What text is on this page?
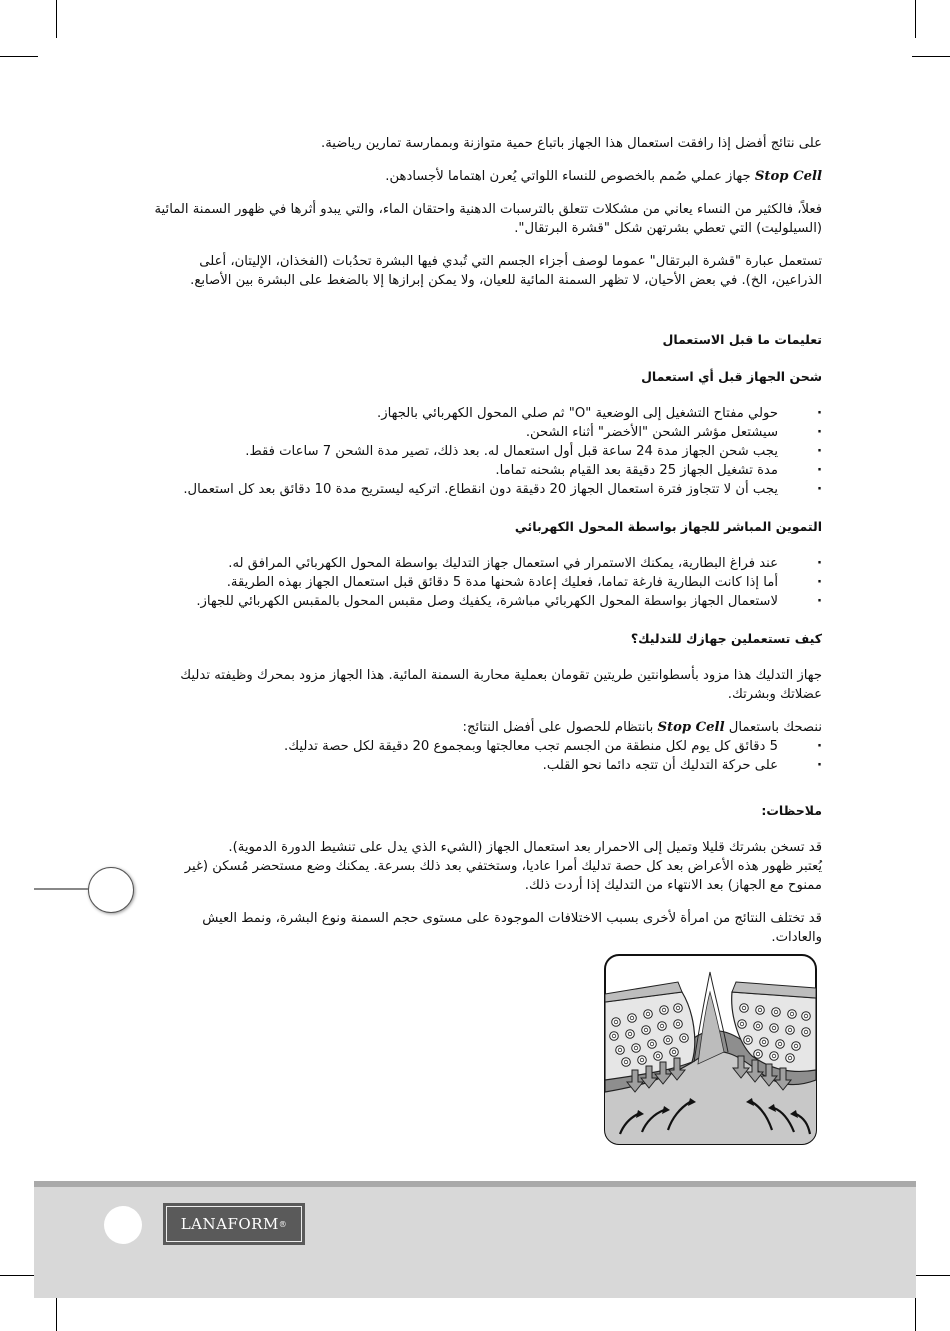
على نتائج أفضل إذا رافقت استعمال هذا الجهاز باتباع حمية متوازنة وبممارسة تمارين رياضية.

Stop Cell جهاز عملي صُمم بالخصوص للنساء اللواتي يُعرن اهتماما لأجسادهن.

فعلاً، فالكثير من النساء يعاني من مشكلات تتعلق بالترسبات الدهنية واحتقان الماء، والتي يبدو أثرها في ظهور السمنة المائية (السيلوليت) التي تعطي بشرتهن شكل "قشرة البرتقال".

تستعمل عبارة "قشرة البرتقال" عموما لوصف أجزاء الجسم التي تُبدي فيها البشرة تحدُبات (الفخذان، الإليتان، أعلى الذراعين، الخ). في بعض الأحيان، لا تظهر السمنة المائية للعيان، ولا يمكن إبرازها إلا بالضغط على البشرة بين الأصابع.

تعليمات ما قبل الاستعمال

شحن الجهاز قبل أي استعمال

· حولي مفتاح التشغيل إلى الوضعية "O" ثم صلي المحول الكهربائي بالجهاز.
· سيشتعل مؤشر الشحن "الأخضر" أثناء الشحن.
· يجب شحن الجهاز مدة 24 ساعة قبل أول استعمال له. بعد ذلك، تصير مدة الشحن 7 ساعات فقط.
· مدة تشغيل الجهاز 25 دقيقة بعد القيام بشحنه تماما.
· يجب أن لا تتجاوز فترة استعمال الجهاز 20 دقيقة دون انقطاع. اتركيه ليستريح مدة 10 دقائق بعد كل استعمال.

التموين المباشر للجهاز بواسطة المحول الكهربائي

· عند فراغ البطارية، يمكنك الاستمرار في استعمال جهاز التدليك بواسطة المحول الكهربائي المرافق له.
· أما إذا كانت البطارية فارغة تماما، فعليك إعادة شحنها مدة 5 دقائق قبل استعمال الجهاز بهذه الطريقة.
· لاستعمال الجهاز بواسطة المحول الكهربائي مباشرة، يكفيك وصل مقبس المحول بالمقبس الكهربائي للجهاز.

كيف تستعملين جهازك للتدليك؟

جهاز التدليك هذا مزود بأسطوانتين طريتين تقومان بعملية محاربة السمنة المائية. هذا الجهاز مزود بمحرك وظيفته تدليك عضلاتك وبشرتك.

ننصحك باستعمال Stop Cell بانتظام للحصول على أفضل النتائج:

· 5 دقائق كل يوم لكل منطقة من الجسم تجب معالجتها وبمجموع 20 دقيقة لكل حصة تدليك.
· على حركة التدليك أن تتجه دائما نحو القلب.

ملاحظات:

قد تسخن بشرتك قليلا وتميل إلى الاحمرار بعد استعمال الجهاز (الشيء الذي يدل على تنشيط الدورة الدموية).

يُعتبر ظهور هذه الأعراض بعد كل حصة تدليك أمرا عاديا، وستختفي بعد ذلك بسرعة. يمكنك وضع مستحضر مُسكن (غير ممنوح مع الجهاز) بعد الانتهاء من التدليك إذا أردت ذلك.

قد تختلف النتائج من امرأة لأخرى بسبب الاختلافات الموجودة على مستوى حجم السمنة ونوع البشرة، ونمط العيش والعادات.

LANAFORM ®
